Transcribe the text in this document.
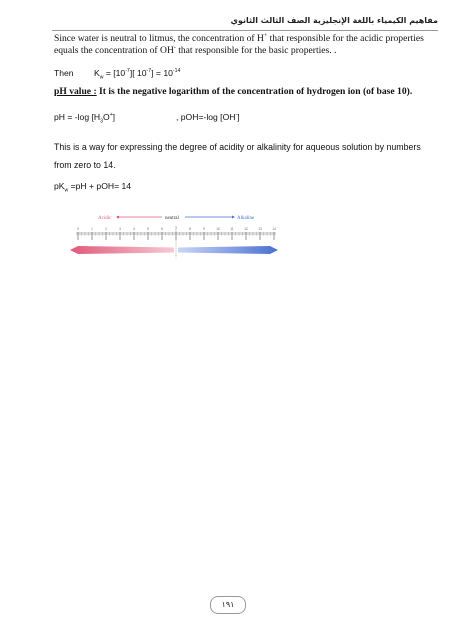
مفاهيم الكيمياء باللغة الإنجليزية الصف الثالث الثانوي
Since water is neutral to litmus, the concentration of H+ that responsible for the acidic properties equals the concentration of OH- that responsible for the basic properties. .
Then $K_w = [10^{-7}]$[ $10^{-7}] = 10^{-14}$
pH value : It is the negative logarithm of the concentration of hydrogen ion (of base 10).
pH = -log $[H_3O^+]$	, pOH=-log [OH-]
This is a way for expressing the degree of acidity or alkalinity for aqueous solution by numbers from zero to 14.
$pK_w =pH + pOH= 14$
Acidic	neutral	Alkaline
0	1	2	3	4	5	6	8	9	10	11	12	13	14
١٩١
